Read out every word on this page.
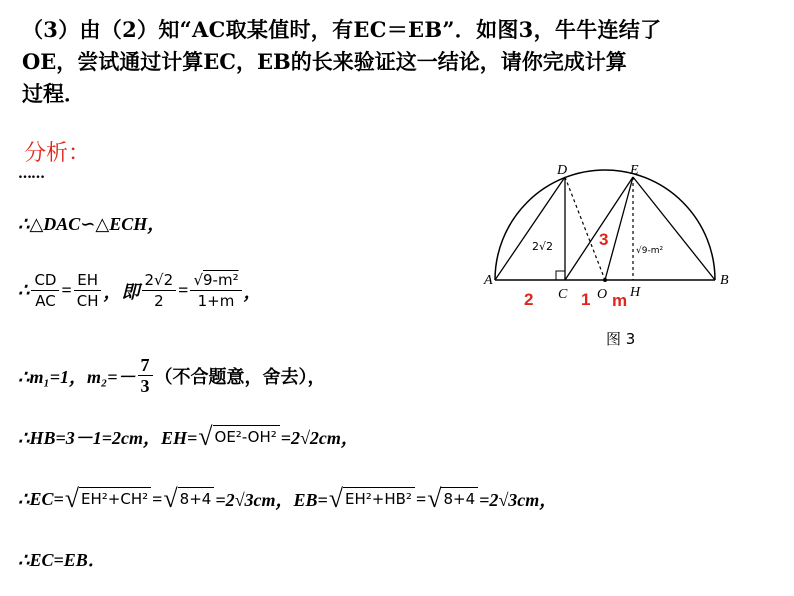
（3）由（2）知“AC取某值时，有EC＝EB”．如图3，牛牛连结了
OE，尝试通过计算EC，EB的长来验证这一结论，请你完成计算
过程．
分析：
……
∴△DAC∽△ECH，
∴ $\frac{CD}{AC} = \frac{EH}{CH}$ ，即 $\frac{2√2}{2} = \frac{\text{√9-m²}}{1+m}$ ，
∴m₁=1，$m_2=- \frac{7}{3}$ （不合题意，舍去），
∴HB=3－1=2cm，EH= √ OE²-OH² =2√2cm，
∴EC= √ EH²+CH² = √ 8+4 =2√3cm，EB= √ EH²+HB² = √ 8+4 =2√3cm，
∴EC=EB．
A	B
C
D	E
O H
2√2	√9-m²
2	1
3
m
图 3
